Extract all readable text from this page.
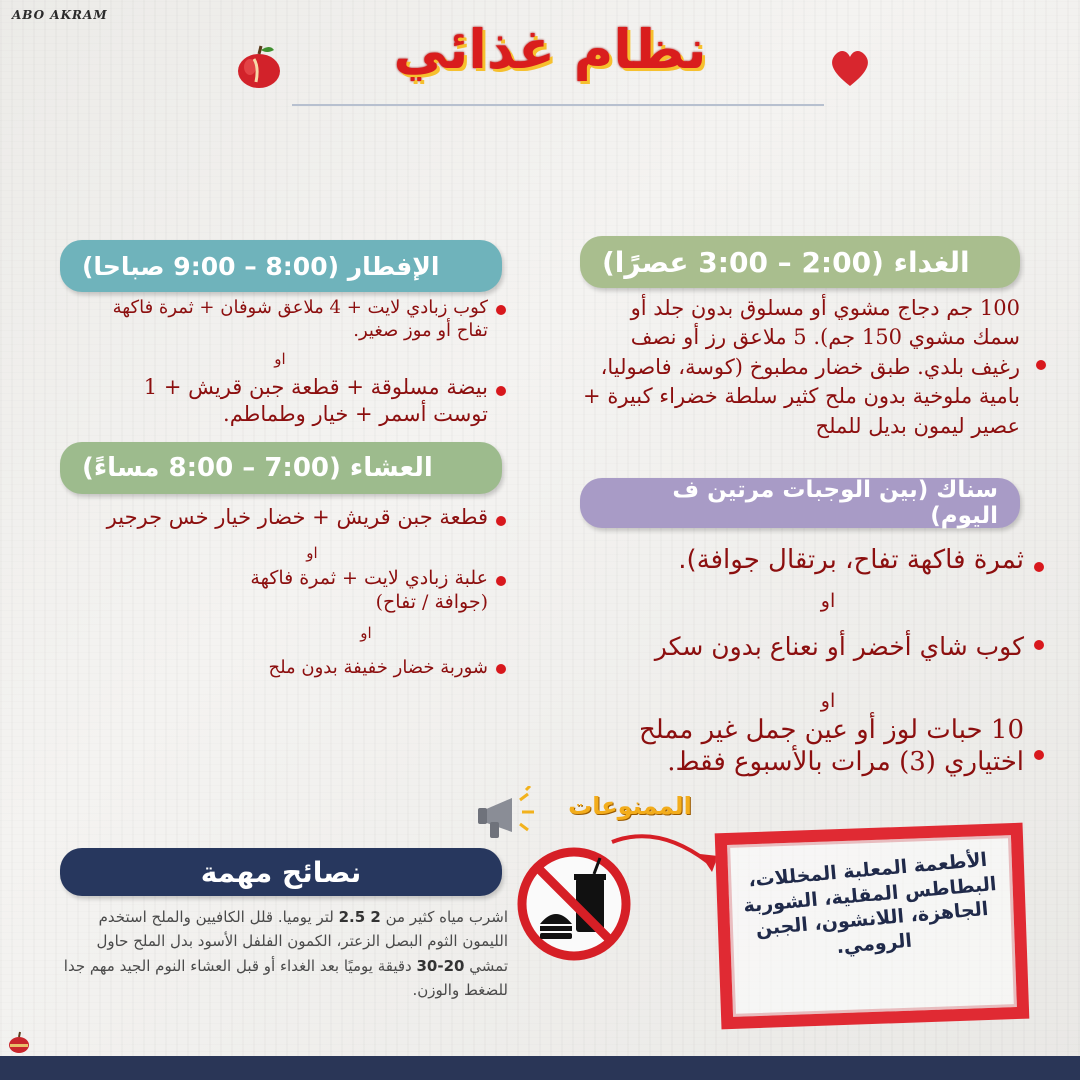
ABO AKRAM
نظام غذائي
الغداء (2:00 – 3:00 عصرًا)
100 جم دجاج مشوي أو مسلوق بدون جلد أو سمك مشوي 150 جم). 5 ملاعق رز أو نصف رغيف بلدي. طبق خضار مطبوخ (كوسة، فاصوليا، بامية ملوخية بدون ملح كثير سلطة خضراء كبيرة + عصير ليمون بديل للملح
سناك (بين الوجبات مرتين ف اليوم)
ثمرة فاكهة تفاح، برتقال جوافة).
او
كوب شاي أخضر أو نعناع بدون سكر
او
10 حبات لوز أو عين جمل غير مملح اختياري (3) مرات بالأسبوع فقط.
الإفطار (8:00 – 9:00 صباحا)
كوب زبادي لايت + 4 ملاعق شوفان + ثمرة فاكهة تفاح أو موز صغير.
او
بيضة مسلوقة + قطعة جبن قريش + 1 توست أسمر + خيار وطماطم.
العشاء (7:00 – 8:00 مساءً)
قطعة جبن قريش + خضار خيار خس جرجير
او
علبة زبادي لايت + ثمرة فاكهة (جوافة / تفاح)
او
شوربة خضار خفيفة بدون ملح
الممنوعات
الأطعمة المعلبة المخللات، البطاطس المقلية، الشوربة الجاهزة، اللانشون، الجبن الرومي.
نصائح مهمة
اشرب مياه كثير من 2 2.5 لتر يوميا. قلل الكافيين والملح استخدم الليمون الثوم البصل الزعتر، الكمون الفلفل الأسود بدل الملح حاول تمشي 20-30 دقيقة يوميًا بعد الغداء أو قبل العشاء النوم الجيد مهم جدا للضغط والوزن.
